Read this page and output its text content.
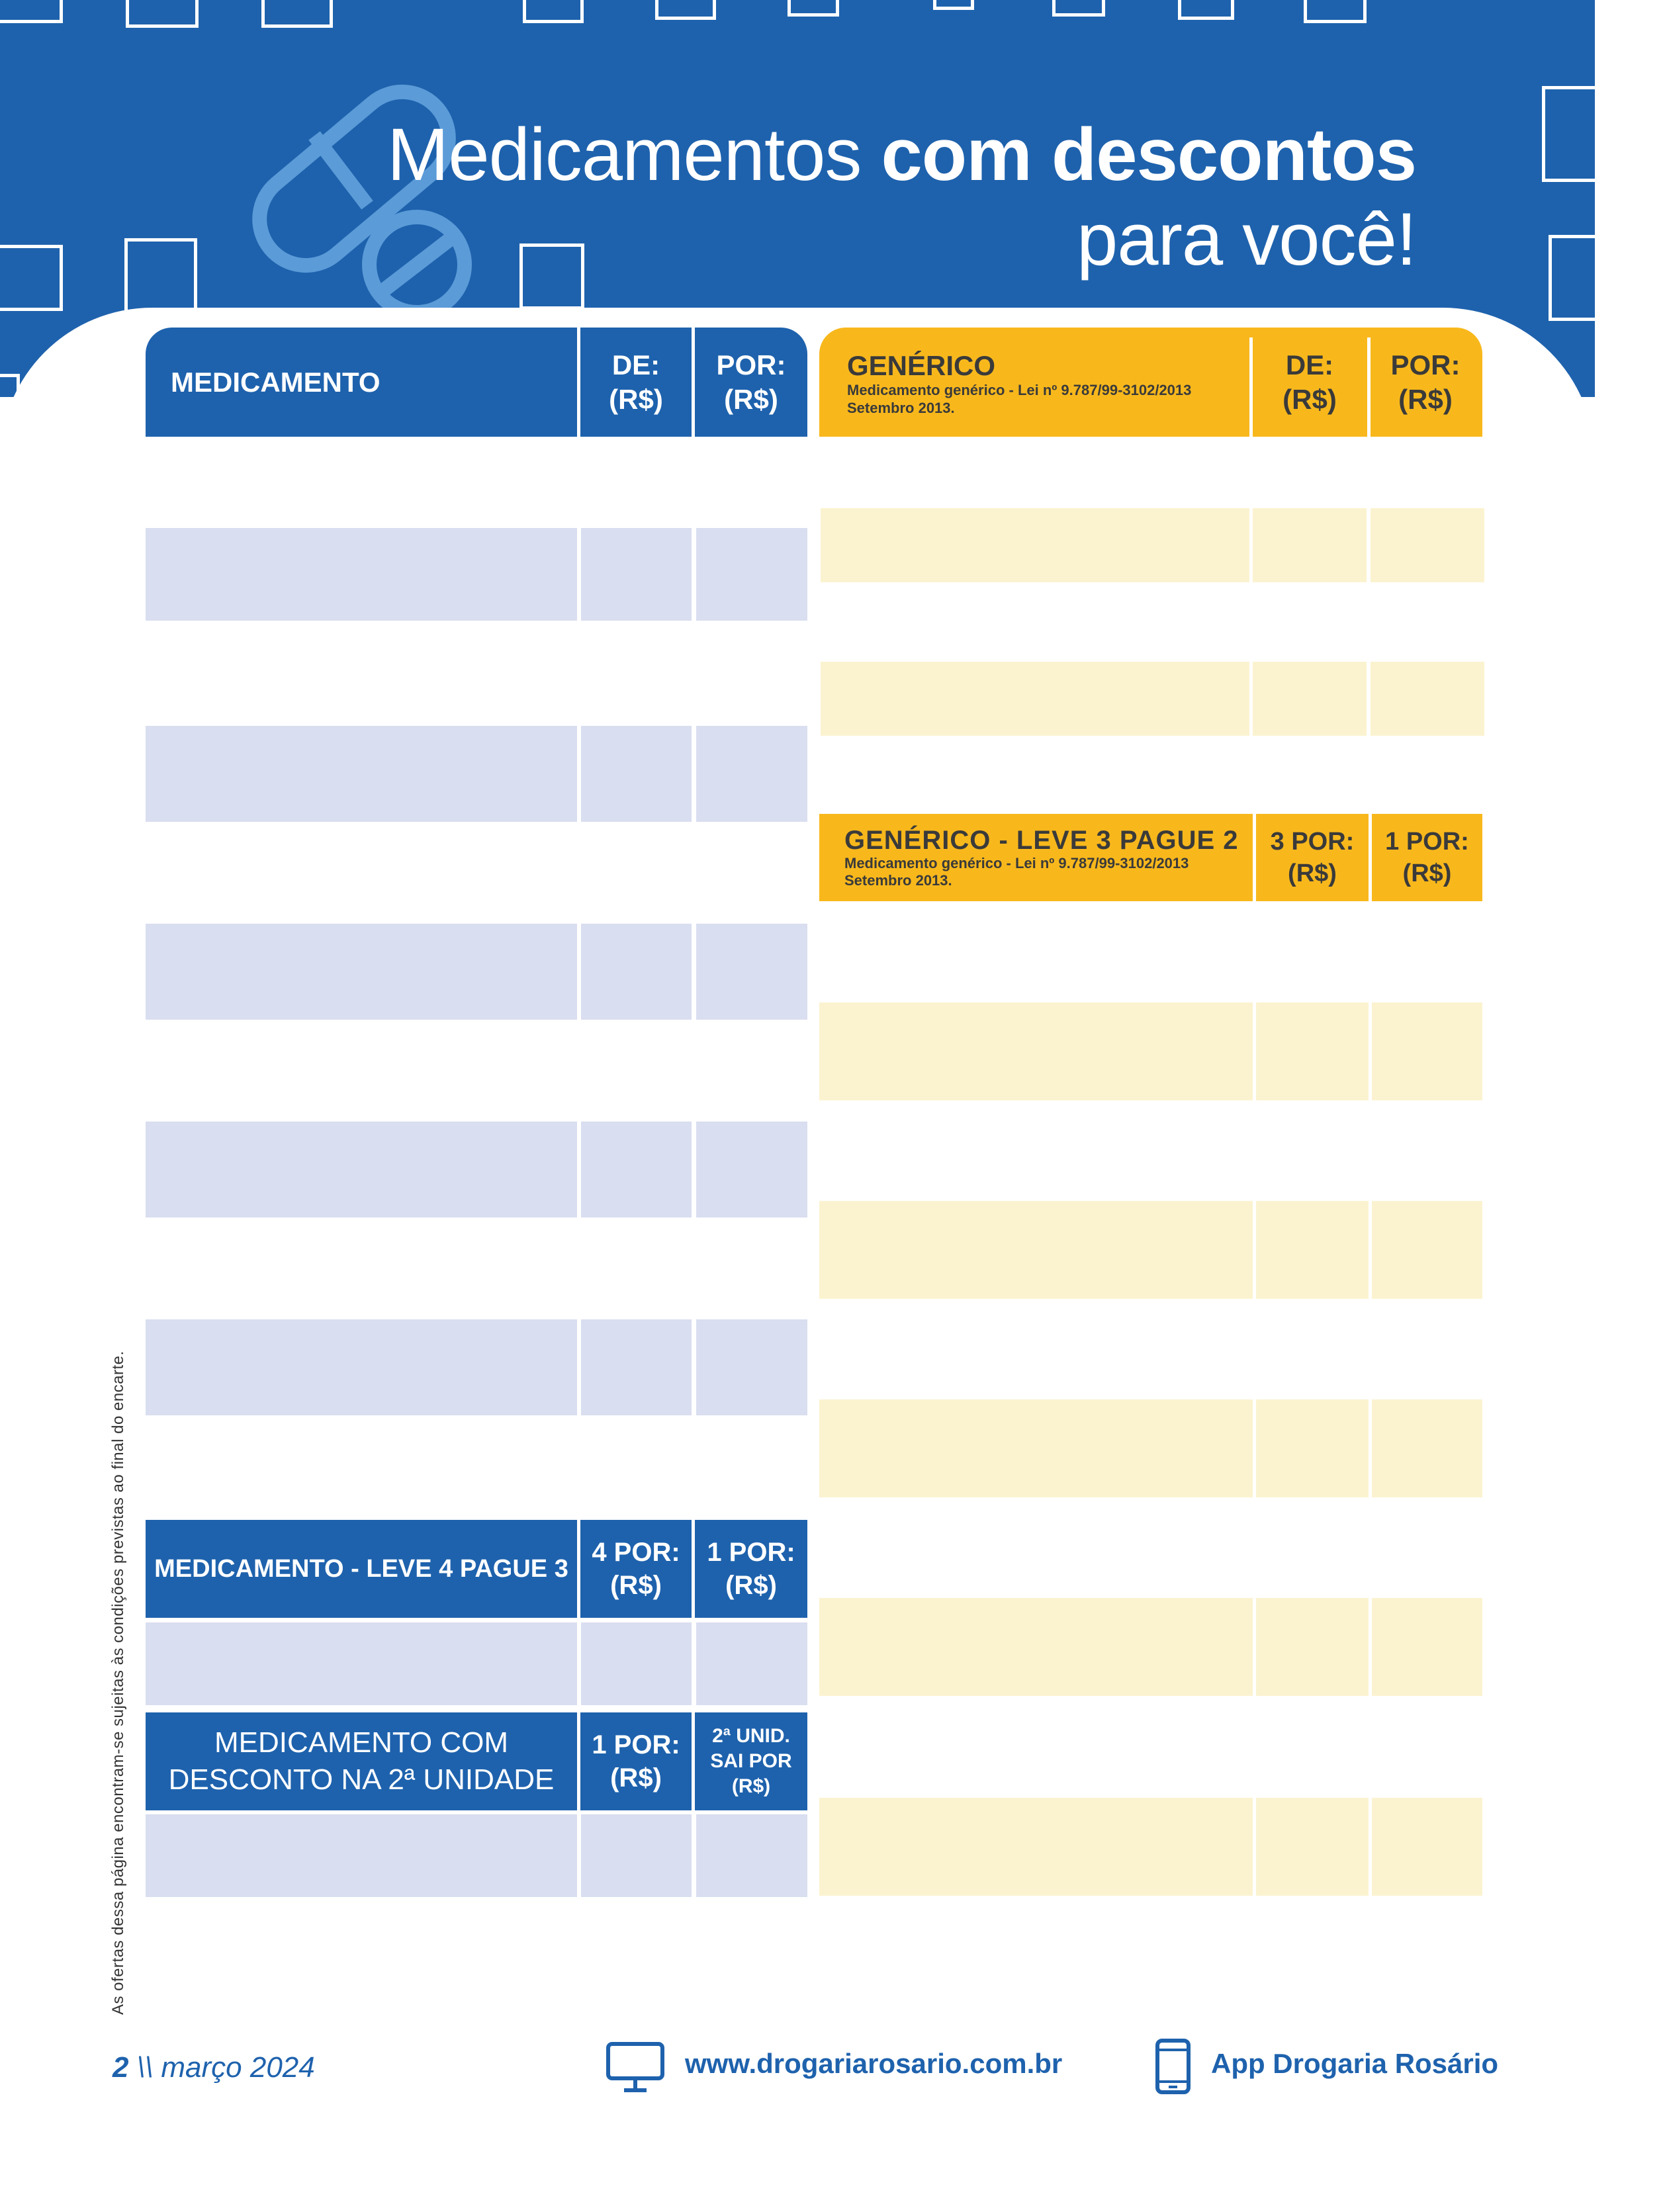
Medicamentos com descontos
para você!
MEDICAMENTO
DE:
(R$)
POR:
(R$)
MEDICAMENTO - LEVE 4 PAGUE 3
4 POR:
(R$)
1 POR:
(R$)
MEDICAMENTO COM
DESCONTO NA 2ª UNIDADE
1 POR:
(R$)
2ª UNID.
SAI POR
(R$)
GENÉRICO
Medicamento genérico - Lei nº 9.787/99-3102/2013
Setembro 2013.
DE:
(R$)
POR:
(R$)
GENÉRICO - LEVE 3 PAGUE 2
Medicamento genérico - Lei nº 9.787/99-3102/2013
Setembro 2013.
3 POR:
(R$)
1 POR:
(R$)
As ofertas dessa página encontram-se sujeitas às condições previstas ao final do encarte.
2 \\ março 2024	www.drogariarosario.com.br	App Drogaria Rosário
